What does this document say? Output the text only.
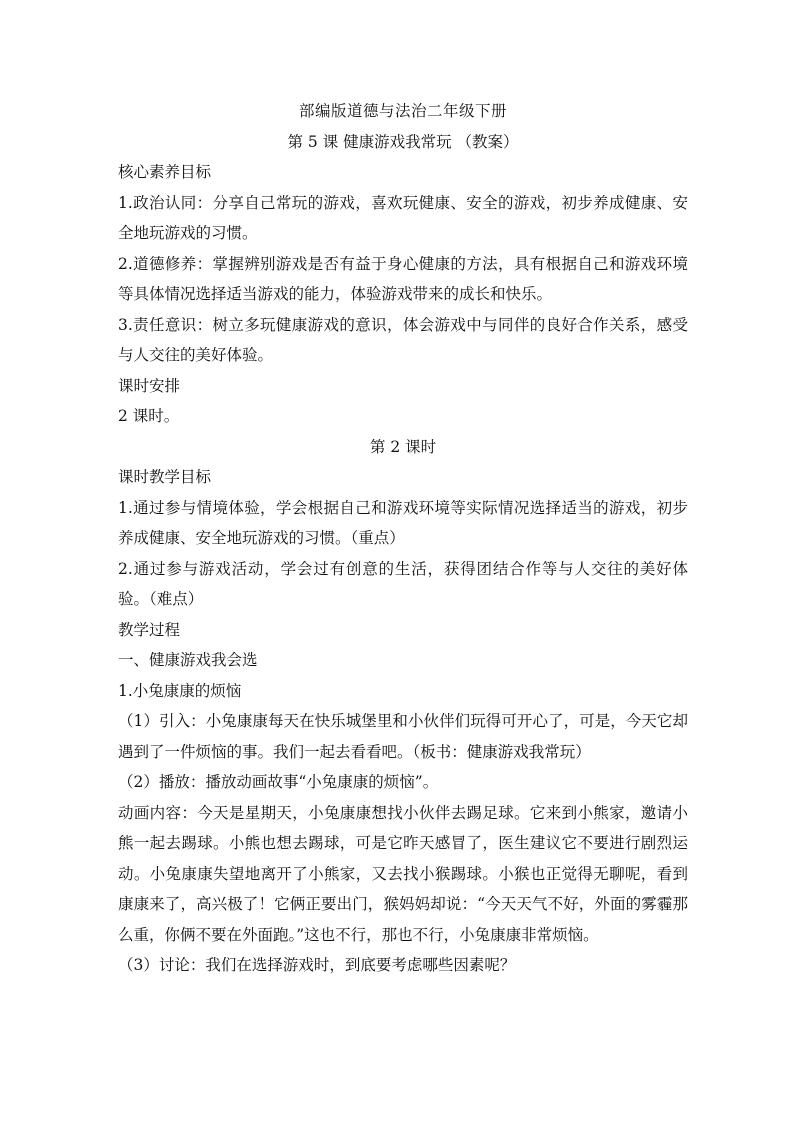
部编版道德与法治二年级下册

第 5 课 健康游戏我常玩 （教案）

核心素养目标

1.政治认同：分享自己常玩的游戏，喜欢玩健康、安全的游戏，初步养成健康、安全地玩游戏的习惯。

2.道德修养：掌握辨别游戏是否有益于身心健康的方法，具有根据自己和游戏环境等具体情况选择适当游戏的能力，体验游戏带来的成长和快乐。

3.责任意识：树立多玩健康游戏的意识，体会游戏中与同伴的良好合作关系，感受与人交往的美好体验。

课时安排

2 课时。

第 2 课时

课时教学目标

1.通过参与情境体验，学会根据自己和游戏环境等实际情况选择适当的游戏，初步养成健康、安全地玩游戏的习惯。（重点）

2.通过参与游戏活动，学会过有创意的生活，获得团结合作等与人交往的美好体验。（难点）

教学过程

一、健康游戏我会选

1.小兔康康的烦恼

（1）引入：小兔康康每天在快乐城堡里和小伙伴们玩得可开心了，可是，今天它却遇到了一件烦恼的事。我们一起去看看吧。（板书：健康游戏我常玩）

（2）播放：播放动画故事“小兔康康的烦恼”。

动画内容：今天是星期天，小兔康康想找小伙伴去踢足球。它来到小熊家，邀请小熊一起去踢球。小熊也想去踢球，可是它昨天感冒了，医生建议它不要进行剧烈运动。小兔康康失望地离开了小熊家，又去找小猴踢球。小猴也正觉得无聊呢，看到康康来了，高兴极了！它俩正要出门，猴妈妈却说：“今天天气不好，外面的雾霾那么重，你俩不要在外面跑。”这也不行，那也不行，小兔康康非常烦恼。

（3）讨论：我们在选择游戏时，到底要考虑哪些因素呢？
